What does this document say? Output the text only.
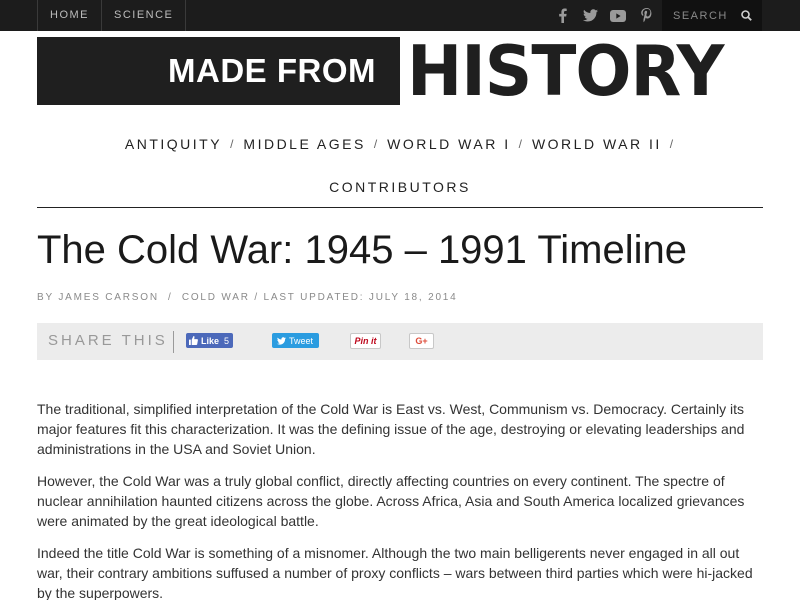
HOME	SCIENCE
SEARCH
MADE FROM HISTORY
ANTIQUITY / MIDDLE AGES / WORLD WAR I / WORLD WAR II /
CONTRIBUTORS
The Cold War: 1945 – 1991 Timeline
BY JAMES CARSON / COLD WAR / LAST UPDATED: JULY 18, 2014
SHARE THIS	Like 5	Tweet	Pin it	G+

The traditional, simplified interpretation of the Cold War is East vs. West, Communism vs. Democracy. Certainly its major features fit this characterization. It was the defining issue of the age, destroying or elevating leaderships and administrations in the USA and Soviet Union.

However, the Cold War was a truly global conflict, directly affecting countries on every continent. The spectre of nuclear annihilation haunted citizens across the globe. Across Africa, Asia and South America localized grievances were animated by the great ideological battle.

Indeed the title Cold War is something of a misnomer. Although the two main belligerents never engaged in all out war, their contrary ambitions suffused a number of proxy conflicts – wars between third parties which were hi-jacked by the superpowers.
